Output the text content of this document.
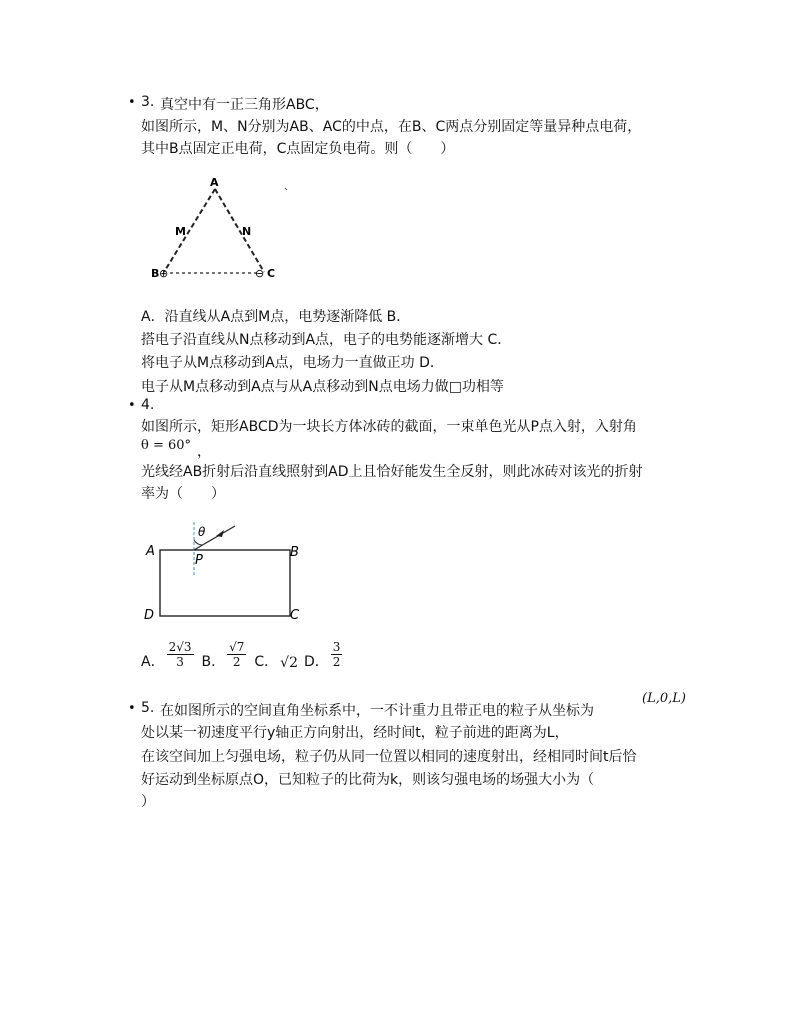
• 3. 真空中有一正三角形ABC，
如图所示，M、N分别为AB、AC的中点，在B、C两点分别固定等量异种点电荷，
其中B点固定正电荷，C点固定负电荷。则（　　）
A
M	N
B ⊕	⊖ C
A．沿直线从A点到M点，电势逐渐降低 B．
搭电子沿直线从N点移动到A点，电子的电势能逐渐增大 C．
将电子从M点移动到A点，电场力一直做正功 D．
电子从M点移动到A点与从A点移动到N点电场力做□功相等
• 4.
如图所示，矩形ABCD为一块长方体冰砖的截面，一束单色光从P点入射，入射角
θ = 60° ，
光线经AB折射后沿直线照射到AD上且恰好能发生全反射，则此冰砖对该光的折射
率为（　　）
θ
A	B
P
D	C
A． $\frac{2√3}{3}$ B． $\frac{√7}{2}$ C． √2 D． $\frac{3}{2}$
• 5. 在如图所示的空间直角坐标系中，一不计重力且带正电的粒子从坐标为
(L,0,L)
处以某一初速度平行y轴正方向射出，经时间t，粒子前进的距离为L，
在该空间加上匀强电场，粒子仍从同一位置以相同的速度射出，经相同时间t后恰
好运动到坐标原点O，已知粒子的比荷为k，则该匀强电场的场强大小为（
）
